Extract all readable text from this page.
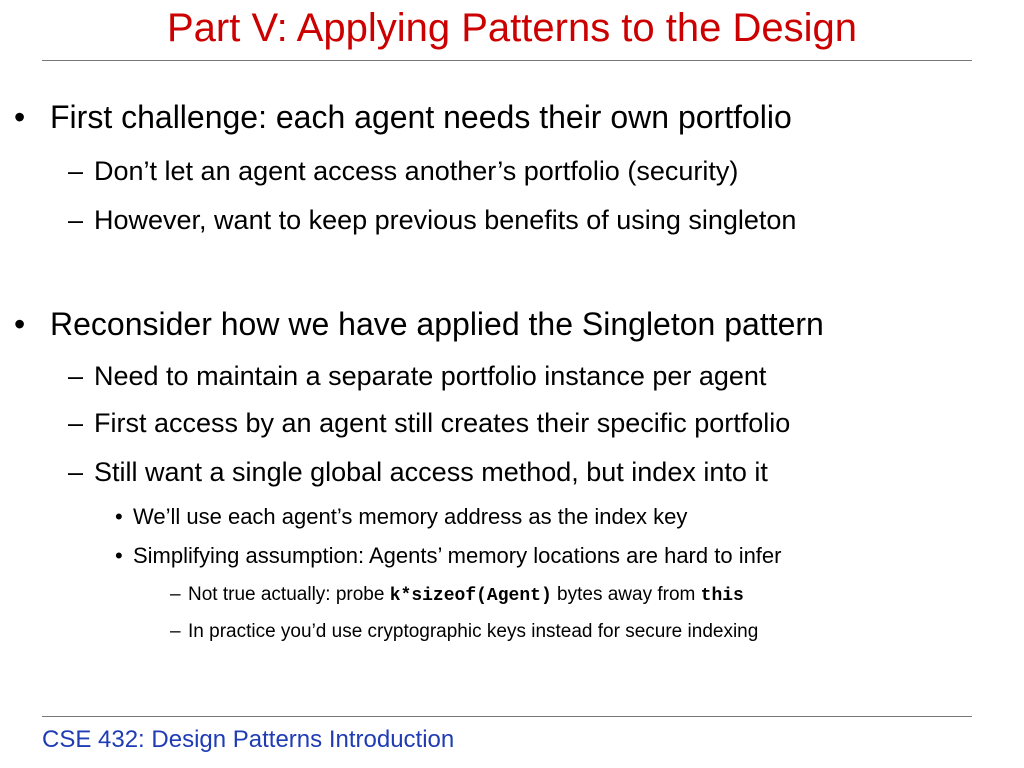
Part V: Applying Patterns to the Design
• First challenge: each agent needs their own portfolio
– Don’t let an agent access another’s portfolio (security)
– However, want to keep previous benefits of using singleton
• Reconsider how we have applied the Singleton pattern
– Need to maintain a separate portfolio instance per agent
– First access by an agent still creates their specific portfolio
– Still want a single global access method, but index into it
• We’ll use each agent’s memory address as the index key
• Simplifying assumption: Agents’ memory locations are hard to infer
– Not true actually: probe k*sizeof(Agent) bytes away from this
– In practice you’d use cryptographic keys instead for secure indexing
CSE 432: Design Patterns Introduction
